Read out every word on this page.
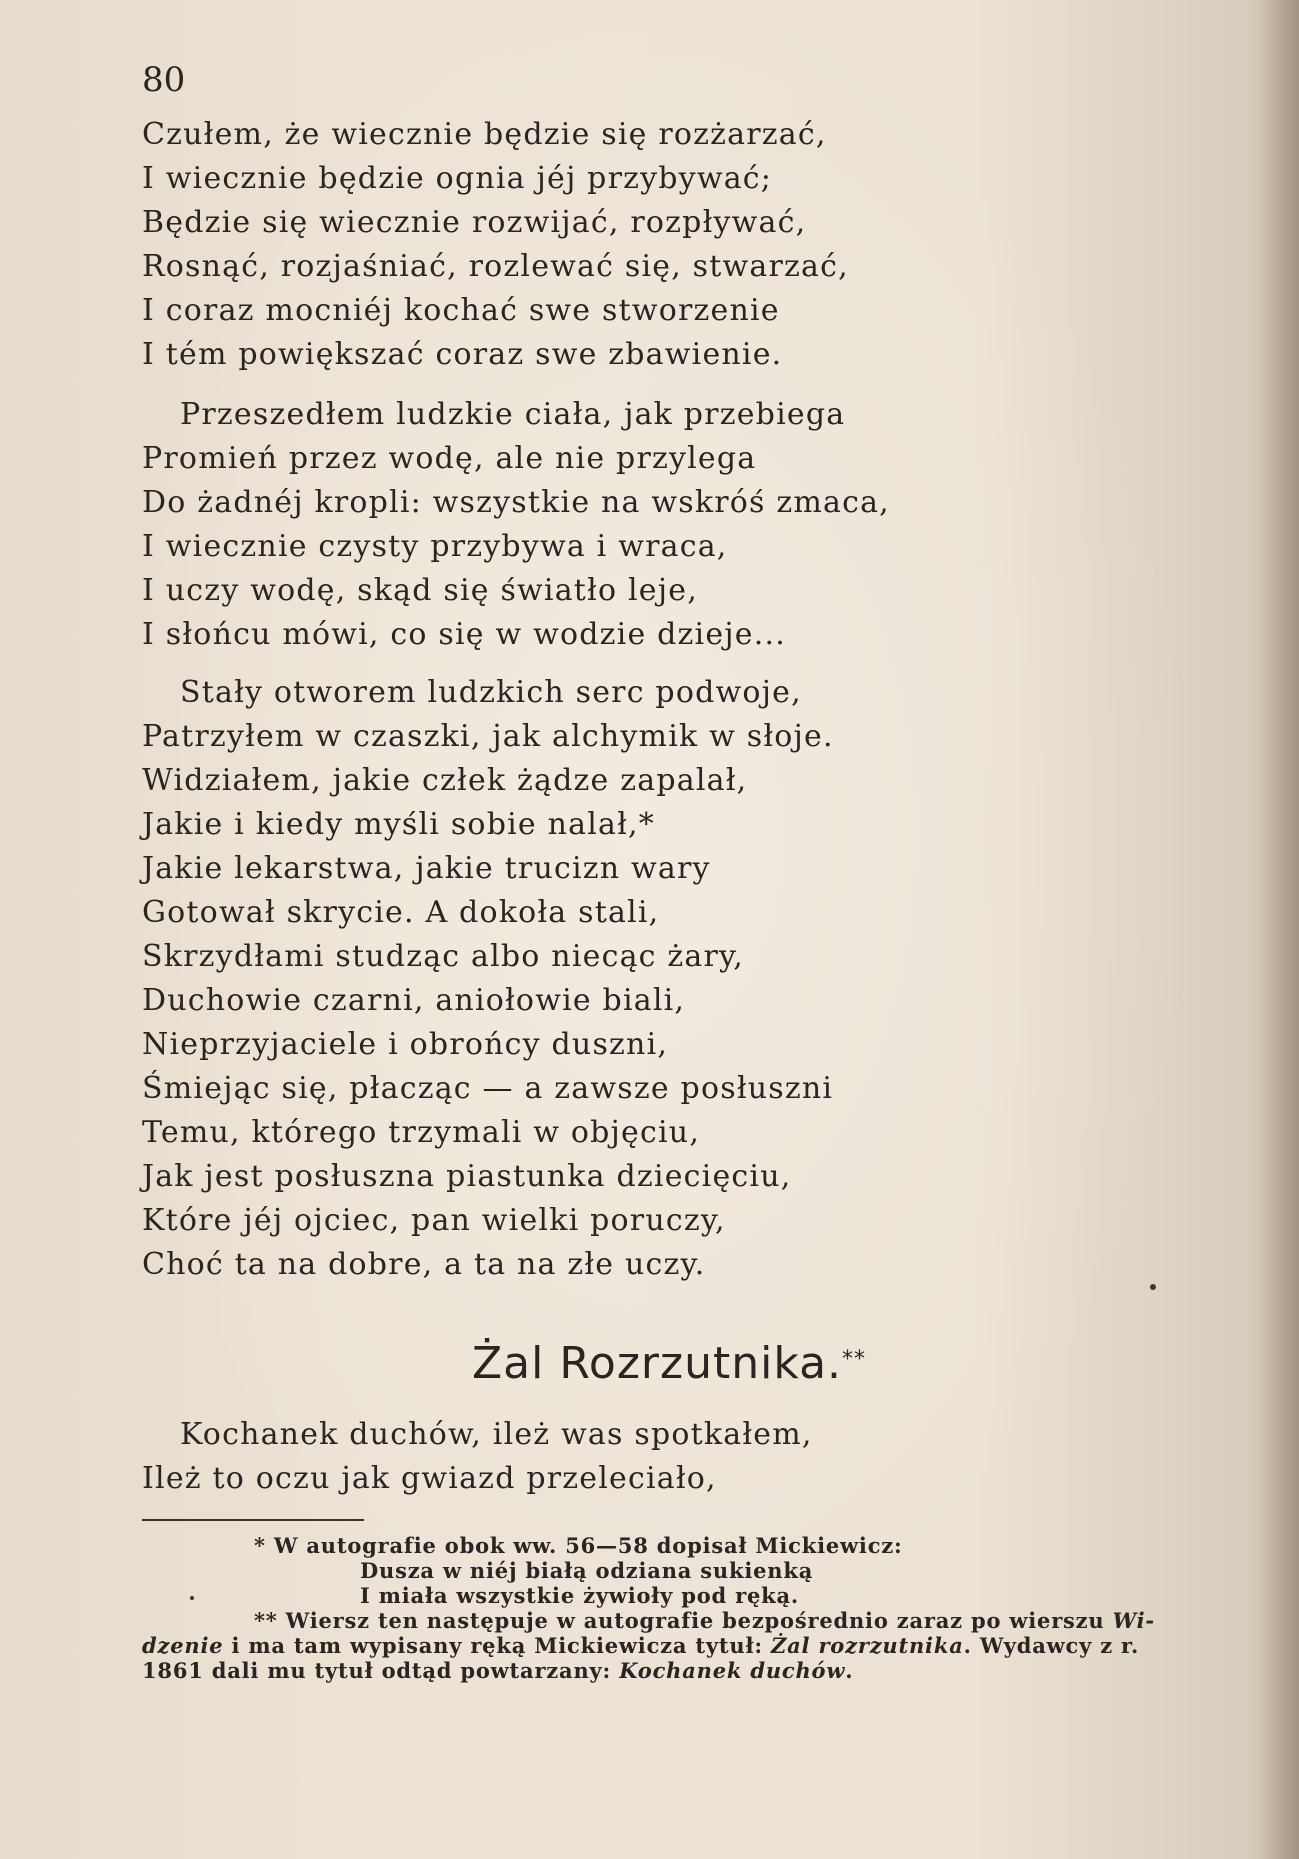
80
Czułem, że wiecznie będzie się rozżarzać,
I wiecznie będzie ognia jéj przybywać;
Będzie się wiecznie rozwijać, rozpływać,
Rosnąć, rozjaśniać, rozlewać się, stwarzać,
I coraz mocniéj kochać swe stworzenie
I tém powiększać coraz swe zbawienie.
Przeszedłem ludzkie ciała, jak przebiega
Promień przez wodę, ale nie przylega
Do żadnéj kropli: wszystkie na wskróś zmaca,
I wiecznie czysty przybywa i wraca,
I uczy wodę, skąd się światło leje,
I słońcu mówi, co się w wodzie dzieje...
Stały otworem ludzkich serc podwoje,
Patrzyłem w czaszki, jak alchymik w słoje.
Widziałem, jakie człek żądze zapalał,
Jakie i kiedy myśli sobie nalał,*
Jakie lekarstwa, jakie trucizn wary
Gotował skrycie. A dokoła stali,
Skrzydłami studząc albo niecąc żary,
Duchowie czarni, aniołowie biali,
Nieprzyjaciele i obrońcy duszni,
Śmiejąc się, płacząc — a zawsze posłuszni
Temu, którego trzymali w objęciu,
Jak jest posłuszna piastunka dziecięciu,
Które jéj ojciec, pan wielki poruczy,
Choć ta na dobre, a ta na złe uczy.
Żal Rozrzutnika.**
Kochanek duchów, ileż was spotkałem,
Ileż to oczu jak gwiazd przeleciało,
* W autografie obok ww. 56—58 dopisał Mickiewicz:
Dusza w niéj białą odziana sukienką
I miała wszystkie żywioły pod ręką.
** Wiersz ten następuje w autografie bezpośrednio zaraz po wierszu Wi-
dzenie i ma tam wypisany ręką Mickiewicza tytuł: Żal rozrzutnika. Wydawcy z r.
1861 dali mu tytuł odtąd powtarzany: Kochanek duchów.
